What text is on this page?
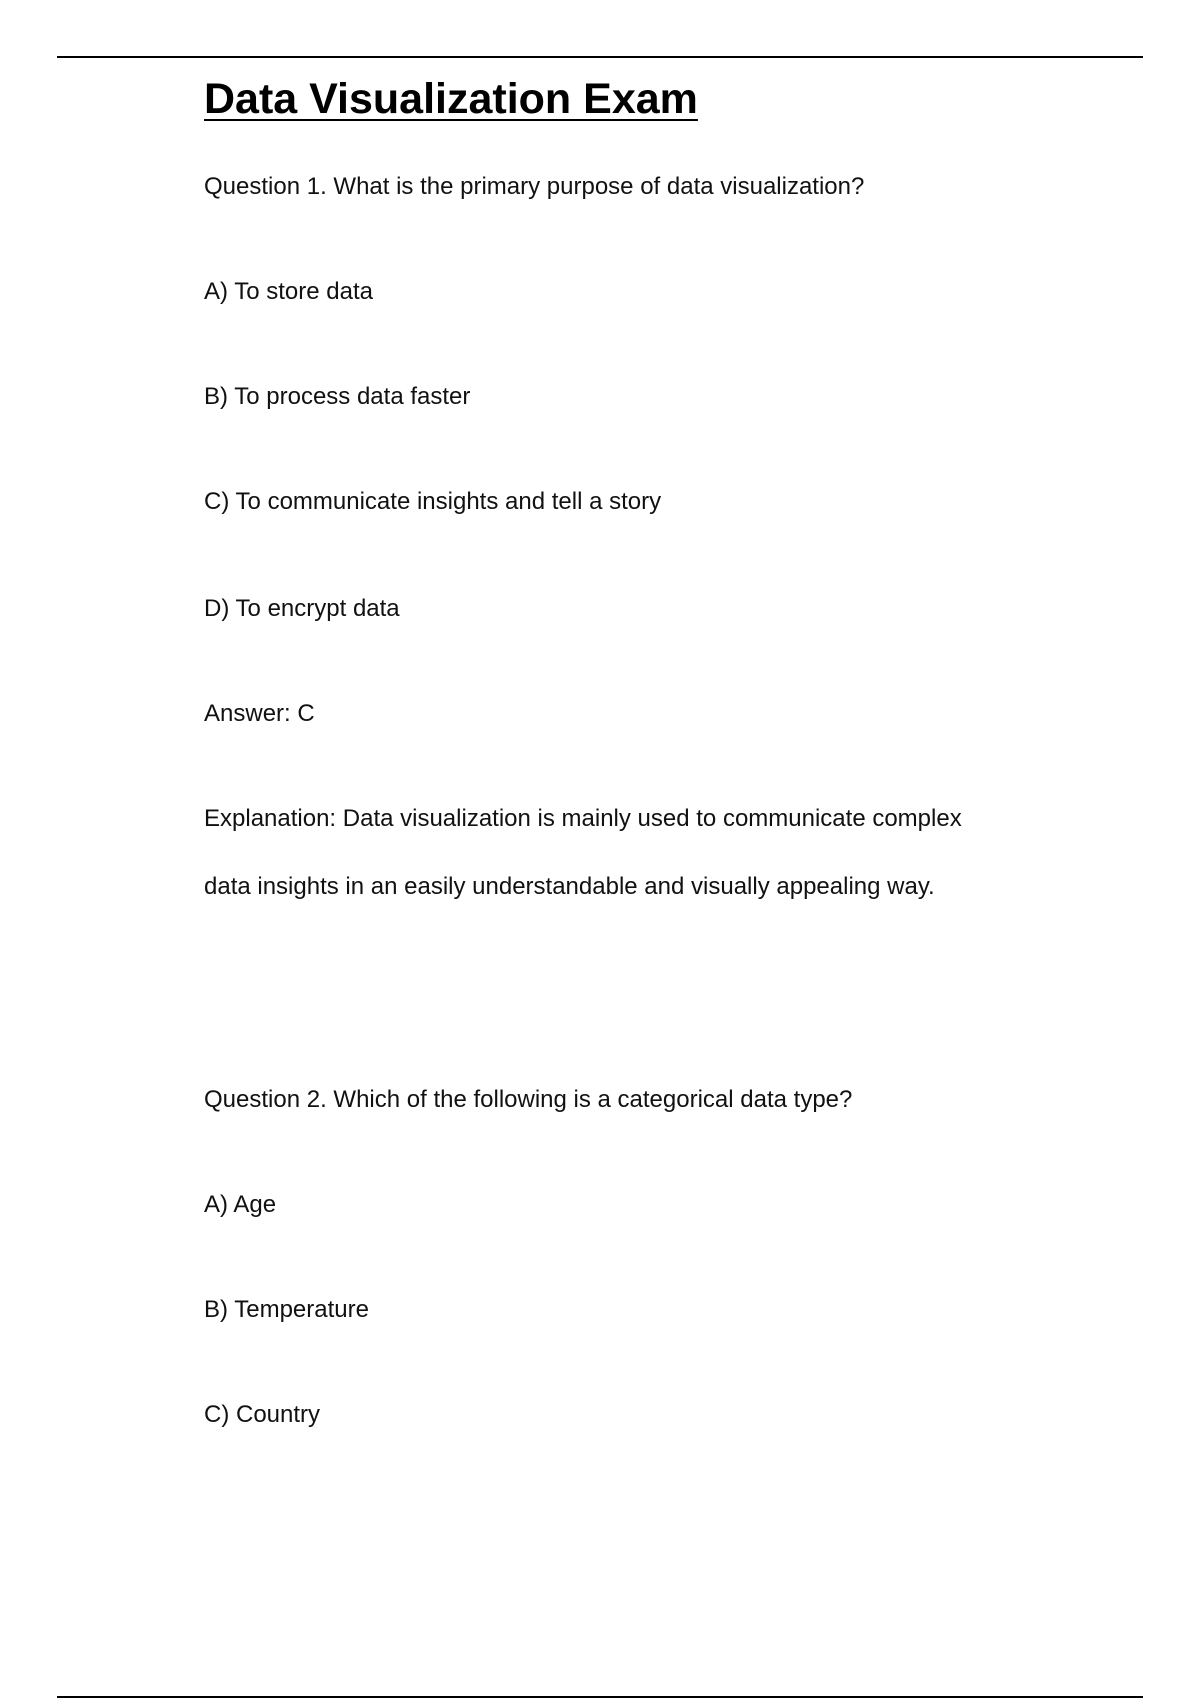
Data Visualization Exam

Question 1. What is the primary purpose of data visualization?

A) To store data

B) To process data faster

C) To communicate insights and tell a story

D) To encrypt data

Answer: C

Explanation: Data visualization is mainly used to communicate complex

data insights in an easily understandable and visually appealing way.

Question 2. Which of the following is a categorical data type?

A) Age

B) Temperature

C) Country
